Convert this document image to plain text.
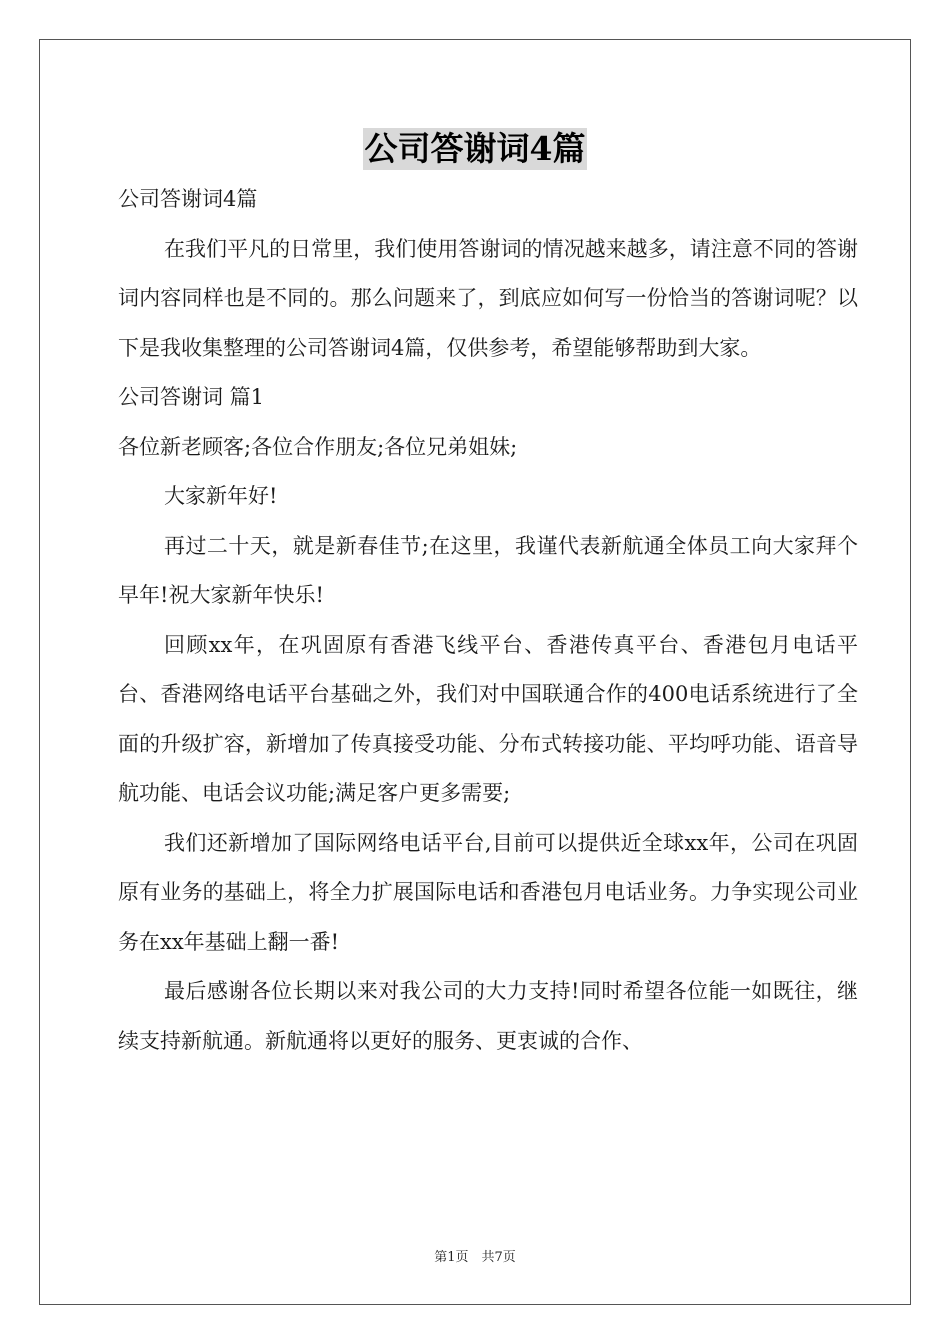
公司答谢词4篇

公司答谢词4篇

在我们平凡的日常里，我们使用答谢词的情况越来越多，请注意不同的答谢词内容同样也是不同的。那么问题来了，到底应如何写一份恰当的答谢词呢？以下是我收集整理的公司答谢词4篇，仅供参考，希望能够帮助到大家。

公司答谢词 篇1

各位新老顾客;各位合作朋友;各位兄弟姐妹;

大家新年好!

再过二十天，就是新春佳节;在这里，我谨代表新航通全体员工向大家拜个早年!祝大家新年快乐!

回顾xx年，在巩固原有香港飞线平台、香港传真平台、香港包月电话平台、香港网络电话平台基础之外，我们对中国联通合作的400电话系统进行了全面的升级扩容，新增加了传真接受功能、分布式转接功能、平均呼功能、语音导航功能、电话会议功能;满足客户更多需要;

我们还新增加了国际网络电话平台,目前可以提供近全球xx年，公司在巩固原有业务的基础上，将全力扩展国际电话和香港包月电话业务。力争实现公司业务在xx年基础上翻一番!

最后感谢各位长期以来对我公司的大力支持!同时希望各位能一如既往，继续支持新航通。新航通将以更好的服务、更衷诚的合作、

第1页　共7页
